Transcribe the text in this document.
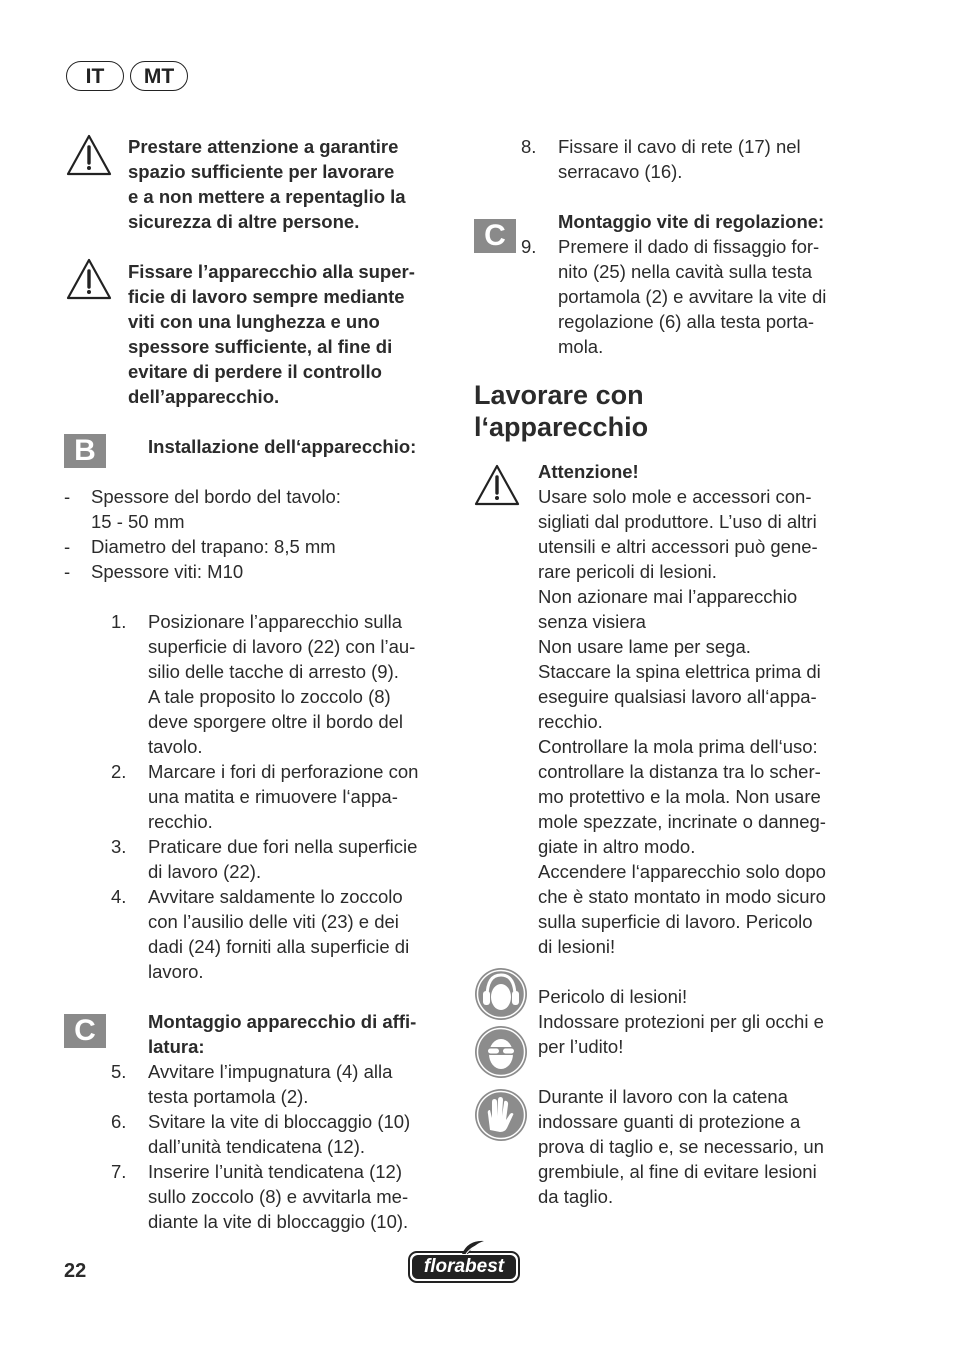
IT	MT
Prestare attenzione a garantire
spazio sufficiente per lavorare
e a non mettere a repentaglio la
sicurezza di altre persone.
Fissare l’apparecchio alla super-
ficie di lavoro sempre mediante
viti con una lunghezza e uno
spessore sufficiente, al fine di
evitare di perdere il controllo
dell’apparecchio.
B	Installazione dell‘apparecchio:
- Spessore del bordo del tavolo:
15 - 50 mm
- Diametro del trapano: 8,5 mm
- Spessore viti: M10
1. Posizionare l’apparecchio sulla
superficie di lavoro (22) con l’au-
silio delle tacche di arresto (9).
A tale proposito lo zoccolo (8)
deve sporgere oltre il bordo del
tavolo.
2. Marcare i fori di perforazione con
una matita e rimuovere l‘appa-
recchio.
3. Praticare due fori nella superficie
di lavoro (22).
4. Avvitare saldamente lo zoccolo
con l’ausilio delle viti (23) e dei
dadi (24) forniti alla superficie di
lavoro.
C	Montaggio apparecchio di affi-
latura:
5. Avvitare l’impugnatura (4) alla
testa portamola (2).
6. Svitare la vite di bloccaggio (10)
dall’unità tendicatena (12).
7. Inserire l’unità tendicatena (12)
sullo zoccolo (8) e avvitarla me-
diante la vite di bloccaggio (10).
8. Fissare il cavo di rete (17) nel
serracavo (16).
C	Montaggio vite di regolazione:
9. Premere il dado di fissaggio for-
nito (25) nella cavità sulla testa
portamola (2) e avvitare la vite di
regolazione (6) alla testa porta-
mola.
Lavorare con
l‘apparecchio
Attenzione!
Usare solo mole e accessori con-
sigliati dal produttore. L’uso di altri
utensili e altri accessori può gene-
rare pericoli di lesioni.
Non azionare mai l’apparecchio
senza visiera
Non usare lame per sega.
Staccare la spina elettrica prima di
eseguire qualsiasi lavoro all‘appa-
recchio.
Controllare la mola prima dell‘uso:
controllare la distanza tra lo scher-
mo protettivo e la mola. Non usare
mole spezzate, incrinate o danneg-
giate in altro modo.
Accendere l‘apparecchio solo dopo
che è stato montato in modo sicuro
sulla superficie di lavoro. Pericolo
di lesioni!
Pericolo di lesioni!
Indossare protezioni per gli occhi e
per l’udito!
Durante il lavoro con la catena
indossare guanti di protezione a
prova di taglio e, se necessario, un
grembiule, al fine di evitare lesioni
da taglio.
22	florabest
